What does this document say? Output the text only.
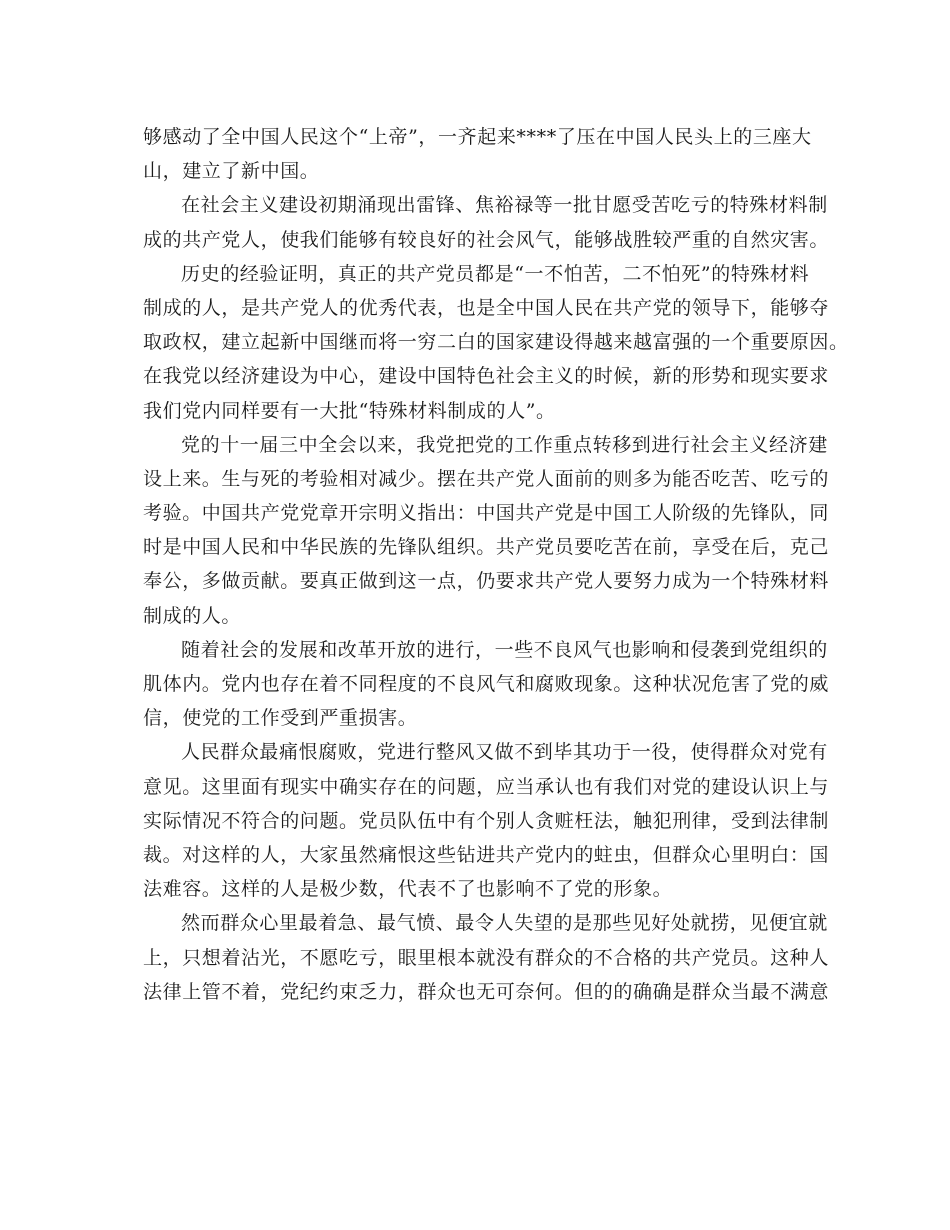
够感动了全中国人民这个“上帝”，一齐起来****了压在中国人民头上的三座大
山，建立了新中国。
在社会主义建设初期涌现出雷锋、焦裕禄等一批甘愿受苦吃亏的特殊材料制
成的共产党人，使我们能够有较良好的社会风气，能够战胜较严重的自然灾害。
历史的经验证明，真正的共产党员都是“一不怕苦，二不怕死”的特殊材料
制成的人，是共产党人的优秀代表，也是全中国人民在共产党的领导下，能够夺
取政权，建立起新中国继而将一穷二白的国家建设得越来越富强的一个重要原因。
在我党以经济建设为中心，建设中国特色社会主义的时候，新的形势和现实要求
我们党内同样要有一大批“特殊材料制成的人”。
党的十一届三中全会以来，我党把党的工作重点转移到进行社会主义经济建
设上来。生与死的考验相对减少。摆在共产党人面前的则多为能否吃苦、吃亏的
考验。中国共产党党章开宗明义指出：中国共产党是中国工人阶级的先锋队，同
时是中国人民和中华民族的先锋队组织。共产党员要吃苦在前，享受在后，克己
奉公，多做贡献。要真正做到这一点，仍要求共产党人要努力成为一个特殊材料
制成的人。
随着社会的发展和改革开放的进行，一些不良风气也影响和侵袭到党组织的
肌体内。党内也存在着不同程度的不良风气和腐败现象。这种状况危害了党的威
信，使党的工作受到严重损害。
人民群众最痛恨腐败，党进行整风又做不到毕其功于一役，使得群众对党有
意见。这里面有现实中确实存在的问题，应当承认也有我们对党的建设认识上与
实际情况不符合的问题。党员队伍中有个别人贪赃枉法，触犯刑律，受到法律制
裁。对这样的人，大家虽然痛恨这些钻进共产党内的蛀虫，但群众心里明白：国
法难容。这样的人是极少数，代表不了也影响不了党的形象。
然而群众心里最着急、最气愤、最令人失望的是那些见好处就捞，见便宜就
上，只想着沾光，不愿吃亏，眼里根本就没有群众的不合格的共产党员。这种人
法律上管不着，党纪约束乏力，群众也无可奈何。但的的确确是群众当最不满意
